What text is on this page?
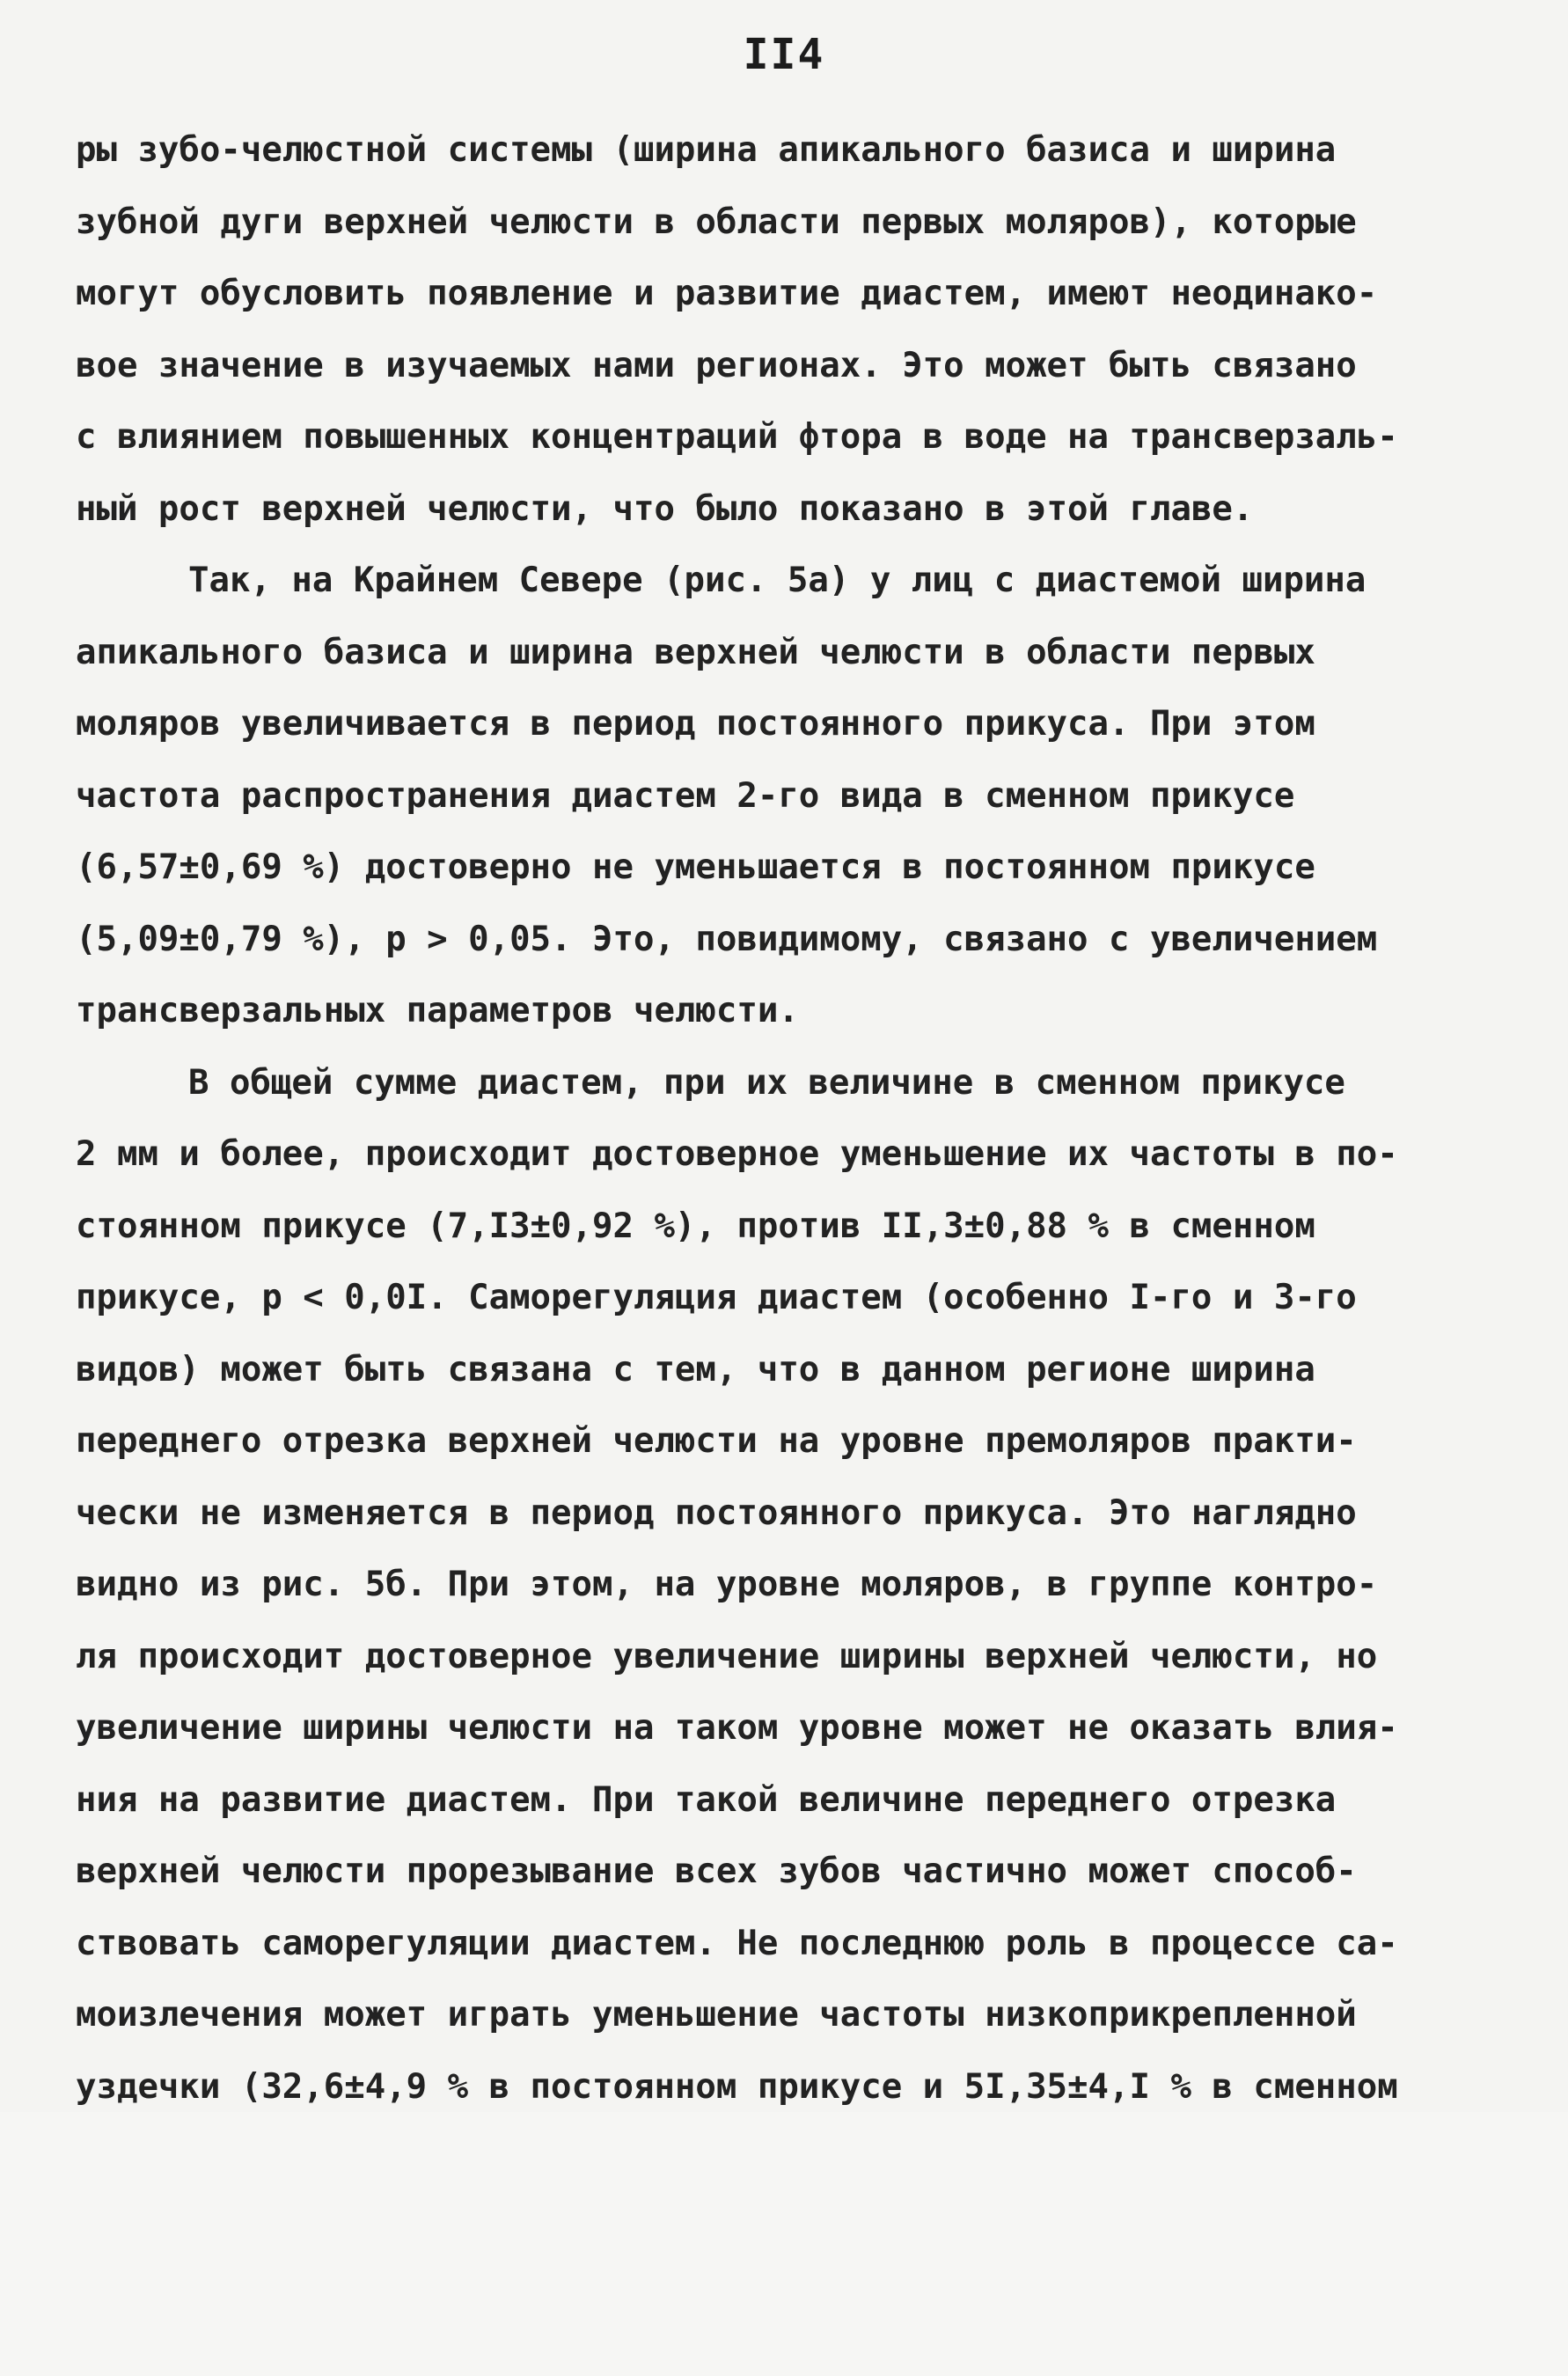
II4
ры зубо-челюстной системы (ширина апикального базиса и ширина
зубной дуги верхней челюсти в области первых моляров), которые
могут обусловить появление и развитие диастем, имеют неодинако-
вое значение в изучаемых нами регионах. Это может быть связано
с влиянием повышенных концентраций фтора в воде на трансверзаль-
ный рост верхней челюсти, что было показано в этой главе.
Так, на Крайнем Севере (рис. 5а) у лиц с диастемой ширина
апикального базиса и ширина верхней челюсти в области первых
моляров увеличивается в период постоянного прикуса. При этом
частота распространения диастем 2-го вида в сменном прикусе
(6,57±0,69 %) достоверно не уменьшается в постоянном прикусе
(5,09±0,79 %), р > 0,05. Это, повидимому, связано с увеличением
трансверзальных параметров челюсти.
В общей сумме диастем, при их величине в сменном прикусе
2 мм и более, происходит достоверное уменьшение их частоты в по-
стоянном прикусе (7,I3±0,92 %), против II,3±0,88 % в сменном
прикусе, р < 0,0I. Саморегуляция диастем (особенно I-го и 3-го
видов) может быть связана с тем, что в данном регионе ширина
переднего отрезка верхней челюсти на уровне премоляров практи-
чески не изменяется в период постоянного прикуса. Это наглядно
видно из рис. 5б. При этом, на уровне моляров, в группе контро-
ля происходит достоверное увеличение ширины верхней челюсти, но
увеличение ширины челюсти на таком уровне может не оказать влия-
ния на развитие диастем. При такой величине переднего отрезка
верхней челюсти прорезывание всех зубов частично может способ-
ствовать саморегуляции диастем. Не последнюю роль в процессе са-
моизлечения может играть уменьшение частоты низкоприкрепленной
уздечки (32,6±4,9 % в постоянном прикусе и 5I,35±4,I % в сменном
